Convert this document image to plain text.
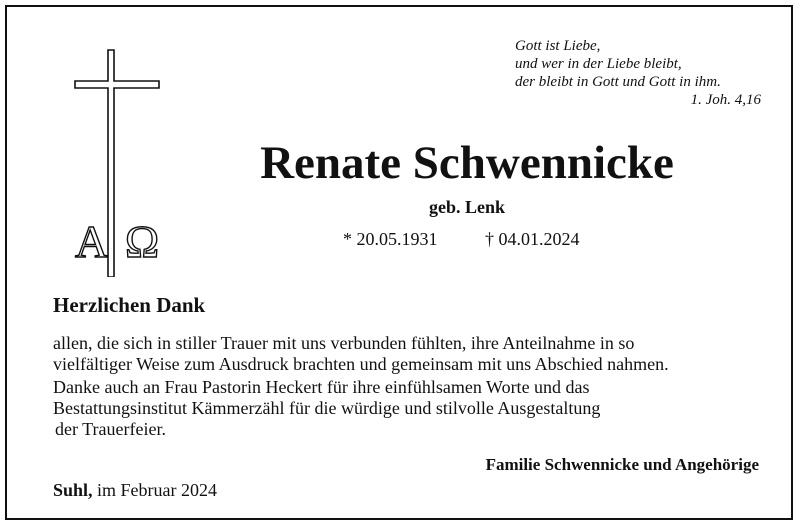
A Ω
Gott ist Liebe,
und wer in der Liebe bleibt,
der bleibt in Gott und Gott in ihm.
1. Joh. 4,16
Renate Schwennicke
geb. Lenk
* 20.05.1931	† 04.01.2024
Herzlichen Dank
allen, die sich in stiller Trauer mit uns verbunden fühlten, ihre Anteilnahme in so
vielfältiger Weise zum Ausdruck brachten und gemeinsam mit uns Abschied nahmen.
Danke auch an Frau Pastorin Heckert für ihre einfühlsamen Worte und das
Bestattungsinstitut Kämmerzähl für die würdige und stilvolle Ausgestaltung
der Trauerfeier.
Familie Schwennicke und Angehörige
Suhl, im Februar 2024
